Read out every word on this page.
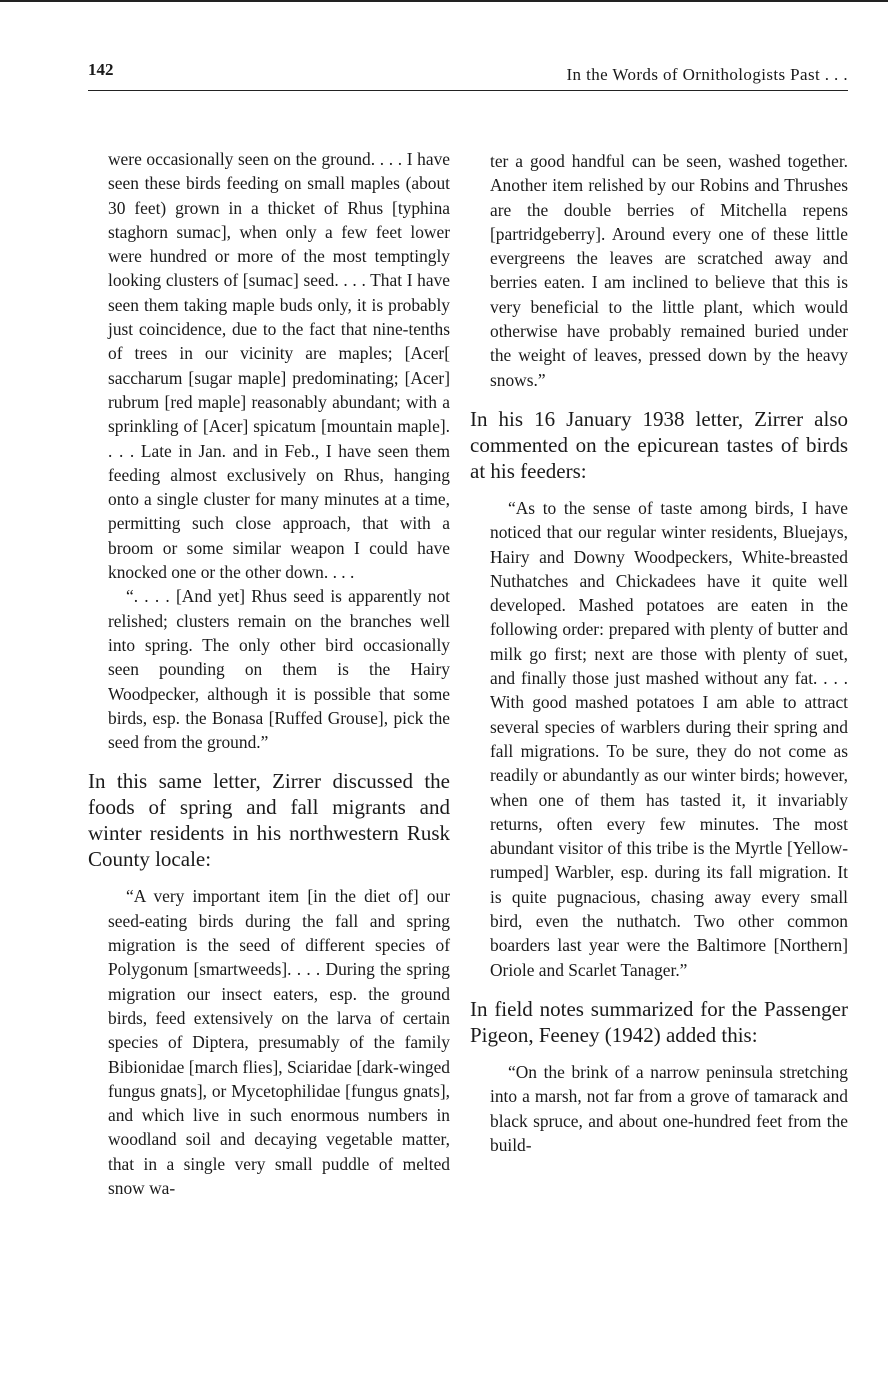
142	In the Words of Ornithologists Past . . .

were occasionally seen on the ground. . . . I have seen these birds feeding on small maples (about 30 feet) grown in a thicket of Rhus [typhina staghorn sumac], when only a few feet lower were hundred or more of the most temptingly looking clusters of [sumac] seed. . . . That I have seen them taking maple buds only, it is probably just coincidence, due to the fact that nine-tenths of trees in our vicinity are maples; [Acer[ saccharum [sugar maple] predominating; [Acer] rubrum [red maple] reasonably abundant; with a sprinkling of [Acer] spicatum [mountain maple]. . . . Late in Jan. and in Feb., I have seen them feeding almost exclusively on Rhus, hanging onto a single cluster for many minutes at a time, permitting such close approach, that with a broom or some similar weapon I could have knocked one or the other down. . . .

“. . . . [And yet] Rhus seed is apparently not relished; clusters remain on the branches well into spring. The only other bird occasionally seen pounding on them is the Hairy Woodpecker, although it is possible that some birds, esp. the Bonasa [Ruffed Grouse], pick the seed from the ground.”

In this same letter, Zirrer discussed the foods of spring and fall migrants and winter residents in his northwestern Rusk County locale:

“A very important item [in the diet of] our seed-eating birds during the fall and spring migration is the seed of different species of Polygonum [smartweeds]. . . . During the spring migration our insect eaters, esp. the ground birds, feed extensively on the larva of certain species of Diptera, presumably of the family Bibionidae [march flies], Sciaridae [dark-winged fungus gnats], or Mycetophilidae [fungus gnats], and which live in such enormous numbers in woodland soil and decaying vegetable matter, that in a single very small puddle of melted snow wa-

ter a good handful can be seen, washed together. Another item relished by our Robins and Thrushes are the double berries of Mitchella repens [partridgeberry]. Around every one of these little evergreens the leaves are scratched away and berries eaten. I am inclined to believe that this is very beneficial to the little plant, which would otherwise have probably remained buried under the weight of leaves, pressed down by the heavy snows.”

In his 16 January 1938 letter, Zirrer also commented on the epicurean tastes of birds at his feeders:

“As to the sense of taste among birds, I have noticed that our regular winter residents, Bluejays, Hairy and Downy Woodpeckers, White-breasted Nuthatches and Chickadees have it quite well developed. Mashed potatoes are eaten in the following order: prepared with plenty of butter and milk go first; next are those with plenty of suet, and finally those just mashed without any fat. . . . With good mashed potatoes I am able to attract several species of warblers during their spring and fall migrations. To be sure, they do not come as readily or abundantly as our winter birds; however, when one of them has tasted it, it invariably returns, often every few minutes. The most abundant visitor of this tribe is the Myrtle [Yellow-rumped] Warbler, esp. during its fall migration. It is quite pugnacious, chasing away every small bird, even the nuthatch. Two other common boarders last year were the Baltimore [Northern] Oriole and Scarlet Tanager.”

In field notes summarized for the Passenger Pigeon, Feeney (1942) added this:

“On the brink of a narrow peninsula stretching into a marsh, not far from a grove of tamarack and black spruce, and about one-hundred feet from the build-
